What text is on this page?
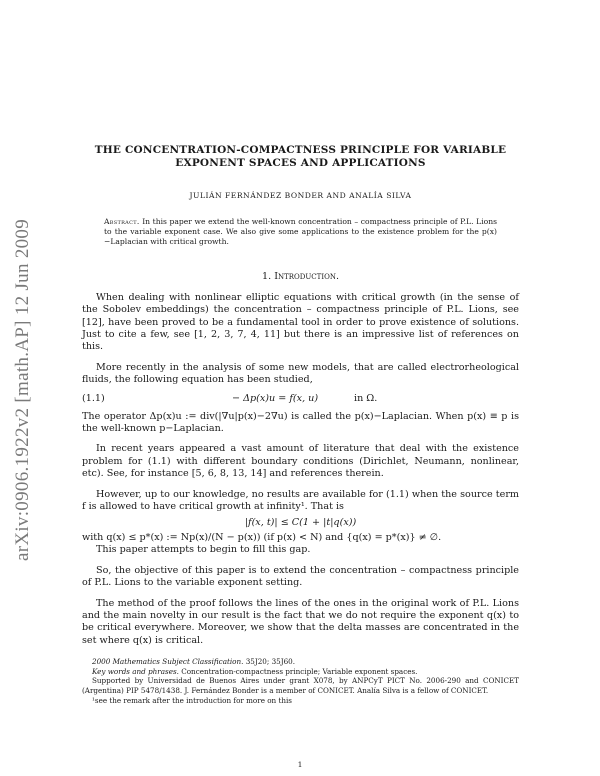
arXiv:0906.1922v2 [math.AP] 12 Jun 2009

THE CONCENTRATION-COMPACTNESS PRINCIPLE FOR VARIABLE

EXPONENT SPACES AND APPLICATIONS

JULIÁN FERNÁNDEZ BONDER AND ANALÍA SILVA
Abstract. In this paper we extend the well-known concentration – compactness principle of P.L. Lions to the variable exponent case. We also give some applications to the existence problem for the p(x)−Laplacian with critical growth.
1. Introduction.

When dealing with nonlinear elliptic equations with critical growth (in the sense of the Sobolev embeddings) the concentration – compactness principle of P.L. Lions, see [12], have been proved to be a fundamental tool in order to prove existence of solutions. Just to cite a few, see [1, 2, 3, 7, 4, 11] but there is an impressive list of references on this.

More recently in the analysis of some new models, that are called electrorheological fluids, the following equation has been studied,

(1.1)	− Δp(x)u = f(x, u)	in Ω.

The operator Δp(x)u := div(|∇u|p(x)−2∇u) is called the p(x)−Laplacian. When p(x) ≡ p is the well-known p−Laplacian.

In recent years appeared a vast amount of literature that deal with the existence problem for (1.1) with different boundary conditions (Dirichlet, Neumann, nonlinear, etc). See, for instance [5, 6, 8, 13, 14] and references therein.

However, up to our knowledge, no results are available for (1.1) when the source term f is allowed to have critical growth at infinity¹. That is

|f(x, t)| ≤ C(1 + |t|q(x))

with q(x) ≤ p*(x) := Np(x)/(N − p(x)) (if p(x) < N) and {q(x) = p*(x)} ≠ ∅.

This paper attempts to begin to fill this gap.

So, the objective of this paper is to extend the concentration – compactness principle of P.L. Lions to the variable exponent setting.

The method of the proof follows the lines of the ones in the original work of P.L. Lions and the main novelty in our result is the fact that we do not require the exponent q(x) to be critical everywhere. Moreover, we show that the delta masses are concentrated in the set where q(x) is critical.

2000 Mathematics Subject Classification. 35J20; 35J60.

Key words and phrases. Concentration-compactness principle; Variable exponent spaces.

Supported by Universidad de Buenos Aires under grant X078, by ANPCyT PICT No. 2006-290 and CONICET (Argentina) PIP 5478/1438. J. Fernández Bonder is a member of CONICET. Analía Silva is a fellow of CONICET.

¹see the remark after the introduction for more on this

1
